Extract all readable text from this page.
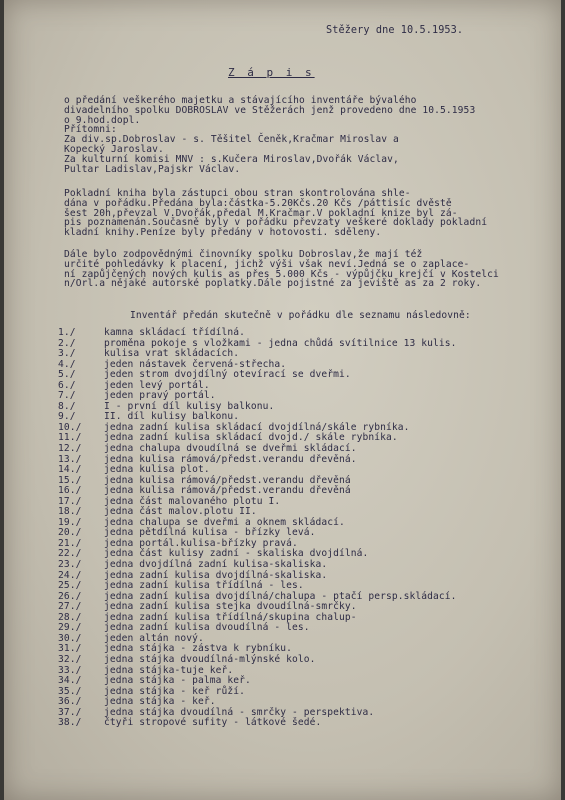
Stěžery dne 10.5.1953.
Z á p i s
o předání veškerého majetku a stávajícího inventáře bývalého
divadelního spolku DOBROSLAV ve Stěžerách jenž provedeno dne 10.5.1953
o 9.hod.dopl.
Přítomni:
Za div.sp.Dobroslav - s. Těšitel Čeněk,Kračmar Miroslav a
Kopecký Jaroslav.
Za kulturní komisi MNV : s.Kučera Miroslav,Dvořák Václav,
Pultar Ladislav,Pajskr Václav.
Pokladní kniha byla zástupci obou stran skontrolována shle-
dána v pořádku.Předána byla:částka-5.20Kčs.20 Kčs /páttisíc dvěstě
šest 20h,převzal V.Dvořák,předal M.Kračmar.V pokladní knize byl zá-
pis poznamenán.Současně byly v pořádku převzaty veškeré doklady pokladní
kladní knihy.Peníze byly předány v hotovosti. sděleny.
Dále bylo zodpovědnými činovníky spolku Dobroslav,že mají též
určité pohledávky k placení, jichž výši však neví.Jedná se o zaplace-
ní zapůjčených nových kulis as přes 5.000 Kčs - výpůjčku krejčí v Kostelci
n/Orl.a nějaké autorské poplatky.Dále pojistné za jeviště as za 2 roky.
Inventář předán skutečně v pořádku dle seznamu následovně:
1./	kamna skládací třídílná.
2./	proměna pokoje s vložkami - jedna chůdá svítilnice 13 kulis.
3./	kulisa vrat skládacích.
4./	jeden nástavek červená-střecha.
5./	jeden strom dvojdílný otevírací se dveřmi.
6./	jeden levý portál.
7./	jeden pravý portál.
8./	I - první díl kulisy balkonu.
9./	II. díl kulisy balkonu.
10./ jedna zadní kulisa skládací dvojdílná/skále rybníka.
11./ jedna zadní kulisa skládací dvojd./ skále rybníka.
12./ jedna chalupa dvoudílná se dveřmi skládací.
13./ jedna kulisa rámová/předst.verandu dřevěná.
14./ jedna kulisa plot.
15./ jedna kulisa rámová/předst.verandu dřevěná
16./ jedna kulisa rámová/předst.verandu dřevěná
17./ jedna část malovaného plotu I.
18./ jedna část malov.plotu II.
19./ jedna chalupa se dveřmi a oknem skládací.
20./ jedna pětdílná kulisa - břízky levá.
21./ jedna portál.kulisa-břízky pravá.
22./ jedna část kulisy zadní - skaliska dvojdílná.
23./ jedna dvojdílná zadní kulisa-skaliska.
24./ jedna zadní kulisa dvojdílná-skaliska.
25./ jedna zadní kulisa třídílná - les.
26./ jedna zadní kulisa dvojdílná/chalupa - ptačí persp.skládací.
27./ jedna zadní kulisa stejka dvoudílná-smrčky.
28./ jedna zadní kulisa třídílná/skupina chalup-
29./ jedna zadní kulisa dvoudílná - les.
30./ jeden altán nový.
31./ jedna stájka - zástva k rybníku.
32./ jedna stájka dvoudílná-mlýnské kolo.
33./ jedna stájka-tuje keř.
34./ jedna stájka - palma keř.
35./ jedna stájka - keř růží.
36./ jedna stájka - keř.
37./ jedna stájka dvoudílná - smrčky - perspektiva.
38./ čtyři stropové sufity - látkové šedé.
